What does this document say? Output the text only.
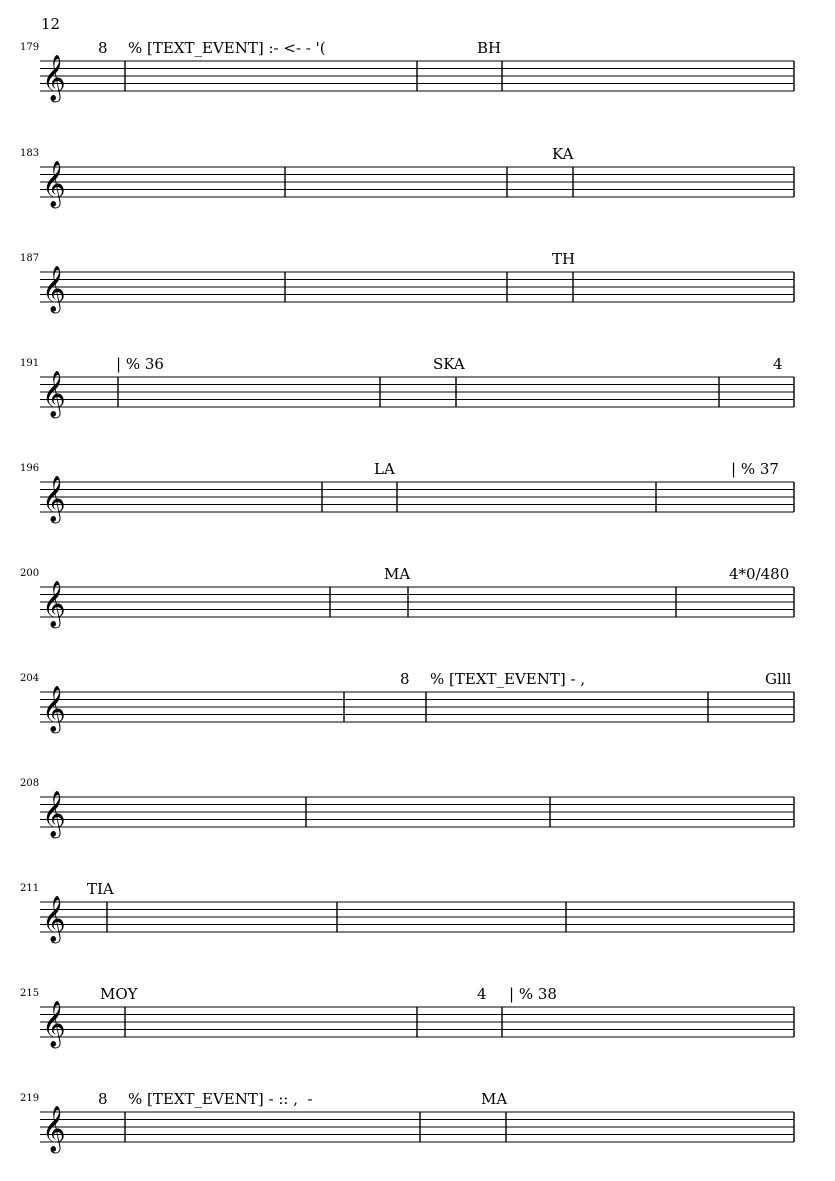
12
179
𝄞
8 % [TEXT_EVENT] :- <- - '(	BH
183
𝄞
KA
187
𝄞
TH
191
𝄞
| % 36	SKA	4
196
𝄞
LA	| % 37
200
𝄞
MA	4*0/480
204
𝄞
8 % [TEXT_EVENT] - ,	Glll
208
𝄞
211
𝄞
TIA
215
𝄞
MOY	4 | % 38
219
𝄞
8 % [TEXT_EVENT] - :: ,  -	MA
